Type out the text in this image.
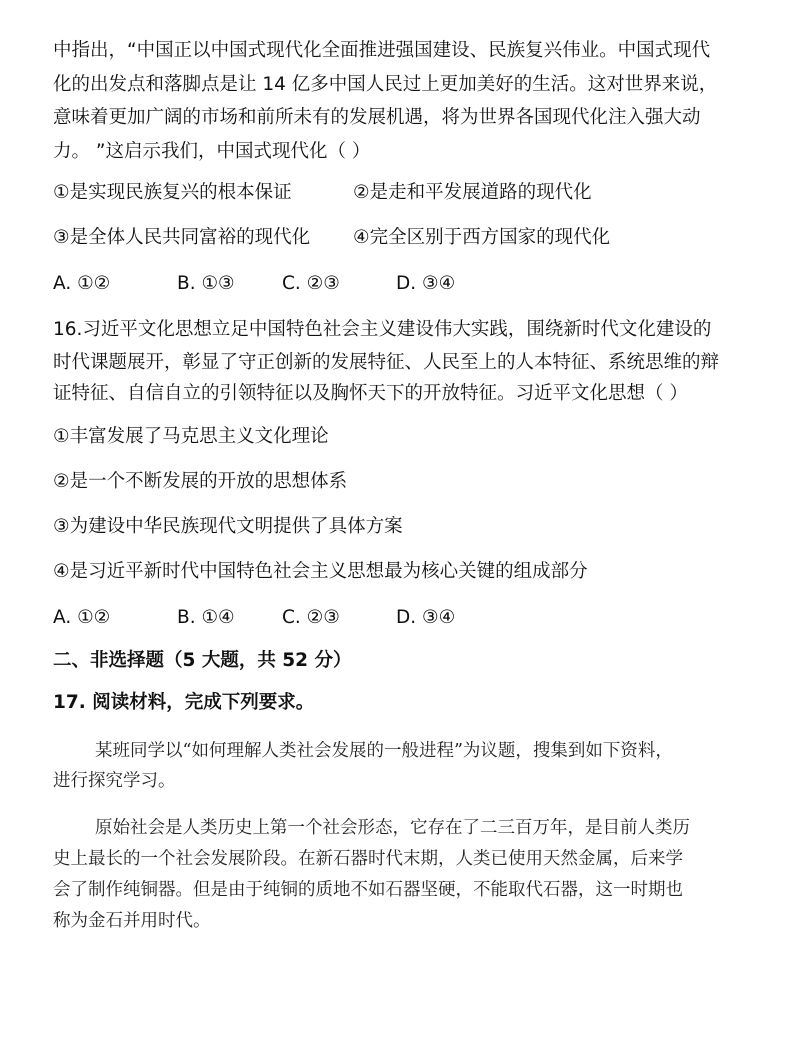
中指出，“中国正以中国式现代化全面推进强国建设、民族复兴伟业。中国式现代
化的出发点和落脚点是让 14 亿多中国人民过上更加美好的生活。这对世界来说，
意味着更加广阔的市场和前所未有的发展机遇，将为世界各国现代化注入强大动
力。 ”这启示我们，中国式现代化（ ）
①是实现民族复兴的根本保证	②是走和平发展道路的现代化
③是全体人民共同富裕的现代化 ④完全区别于西方国家的现代化
A. ①②	B. ①③	C. ②③	D. ③④
16.习近平文化思想立足中国特色社会主义建设伟大实践，围绕新时代文化建设的
时代课题展开，彰显了守正创新的发展特征、人民至上的人本特征、系统思维的辩
证特征、自信自立的引领特征以及胸怀天下的开放特征。习近平文化思想（ ）
①丰富发展了马克思主义文化理论
②是一个不断发展的开放的思想体系
③为建设中华民族现代文明提供了具体方案
④是习近平新时代中国特色社会主义思想最为核心关键的组成部分
A. ①②	B. ①④	C. ②③	D. ③④
二、非选择题（5 大题，共 52 分）
17. 阅读材料，完成下列要求。
某班同学以“如何理解人类社会发展的一般进程”为议题，搜集到如下资料，
进行探究学习。
原始社会是人类历史上第一个社会形态，它存在了二三百万年，是目前人类历
史上最长的一个社会发展阶段。在新石器时代末期，人类已使用天然金属，后来学
会了制作纯铜器。但是由于纯铜的质地不如石器坚硬，不能取代石器，这一时期也
称为金石并用时代。
